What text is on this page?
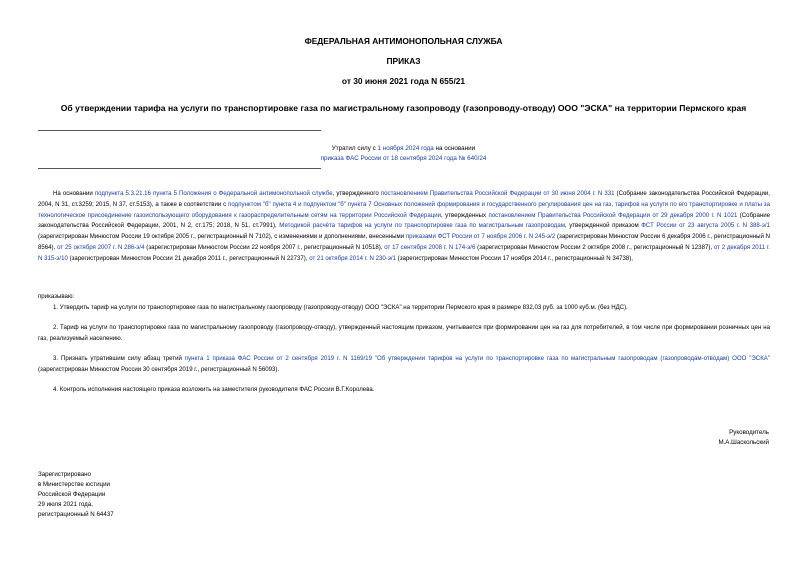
ФЕДЕРАЛЬНАЯ АНТИМОНОПОЛЬНАЯ СЛУЖБА
ПРИКАЗ
от 30 июня 2021 года N 655/21
Об утверждении тарифа на услуги по транспортировке газа по магистральному газопроводу (газопроводу-отводу) ООО "ЭСКА" на территории Пермского края
Утратил силу с 1 ноября 2024 года на основании
приказа ФАС России от 18 сентября 2024 года № 640/24
На основании подпункта 5.3.21.16 пункта 5 Положения о Федеральной антимонопольной службе, утвержденного постановлением Правительства Российской Федерации от 30 июня 2004 г. N 331 (Собрание законодательства Российской Федерации, 2004, N 31, ст.3259; 2015, N 37, ст.5153), а также в соответствии с подпунктом "б" пункта 4 и подпунктом "б" пункта 7 Основных положений формирования и государственного регулирования цен на газ, тарифов на услуги по его транспортировке и платы за технологическое присоединение газоиспользующего оборудования к газораспределительным сетям на территории Российской Федерации, утвержденных постановлением Правительства Российской Федерации от 29 декабря 2000 г. N 1021 (Собрание законодательства Российской Федерации, 2001, N 2, ст.175; 2018, N 51, ст.7991), Методикой расчёта тарифов на услуги по транспортировке газа по магистральным газопроводам, утвержденной приказом ФСТ России от 23 августа 2005 г. N 388-э/1 (зарегистрирован Минюстом России 19 октября 2005 г., регистрационный N 7102), с изменениями и дополнениями, внесенными приказами ФСТ России от 7 ноября 2006 г. N 245-э/2 (зарегистрирован Минюстом России 6 декабря 2006 г., регистрационный N 8564), от 25 октября 2007 г. N 286-э/4 (зарегистрирован Минюстом России 22 ноября 2007 г., регистрационный N 10518), от 17 сентября 2008 г. N 174-э/6 (зарегистрирован Минюстом России 2 октября 2008 г., регистрационный N 12387), от 2 декабря 2011 г. N 315-э/10 (зарегистрирован Минюстом России 21 декабря 2011 г., регистрационный N 22737), от 21 октября 2014 г. N 230-э/1 (зарегистрирован Минюстом России 17 ноября 2014 г., регистрационный N 34738),
приказываю:
1. Утвердить тариф на услуги по транспортировке газа по магистральному газопроводу (газопроводу-отводу) ООО "ЭСКА" на территории Пермского края в размере 832,03 руб. за 1000 куб.м. (без НДС).
2. Тариф на услуги по транспортировке газа по магистральному газопроводу (газопроводу-отводу), утвержденный настоящим приказом, учитывается при формировании цен на газ для потребителей, в том числе при формировании розничных цен на газ, реализуемый населению.
3. Признать утратившим силу абзац третий пункта 1 приказа ФАС России от 2 сентября 2019 г. N 1169/19 "Об утверждении тарифов на услуги по транспортировке газа по магистральным газопроводам (газопроводам-отводам) ООО "ЭСКА" (зарегистрирован Минюстом России 30 сентября 2019 г., регистрационный N 56093).
4. Контроль исполнения настоящего приказа возложить на заместителя руководителя ФАС России В.Г.Королева.
Руководитель
М.А.Шаскольский
Зарегистрировано
в Министерстве юстиции
Российской Федерации
29 июля 2021 года,
регистрационный N 64437
